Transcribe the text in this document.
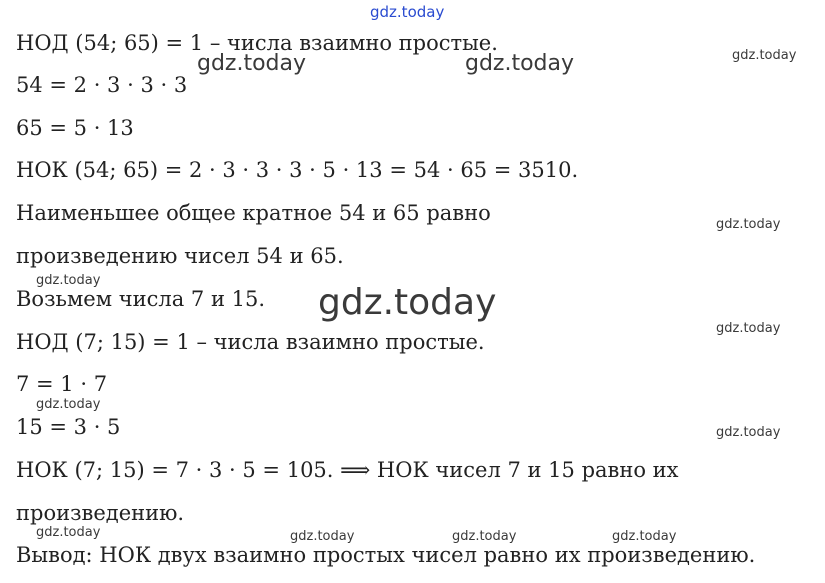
НОД (54; 65) = 1 – числа взаимно простые.
54 = 2 · 3 · 3 · 3
65 = 5 · 13
НОК (54; 65) = 2 · 3 · 3 · 3 · 5 · 13 = 54 · 65 = 3510.
Наименьшее общее кратное 54 и 65 равно
произведению чисел 54 и 65.
Возьмем числа 7 и 15.
НОД (7; 15) = 1 – числа взаимно простые.
7 = 1 · 7
15 = 3 · 5
НОК (7; 15) = 7 · 3 · 5 = 105. ⟹ НОК чисел 7 и 15 равно их
произведению.
Вывод: НОК двух взаимно простых чисел равно их произведению.
gdz.today
gdz.today	gdz.today	gdz.today
gdz.today
gdz.today
gdz.today
gdz.today
gdz.today
gdz.today
gdz.today	gdz.today	gdz.today	gdz.today
